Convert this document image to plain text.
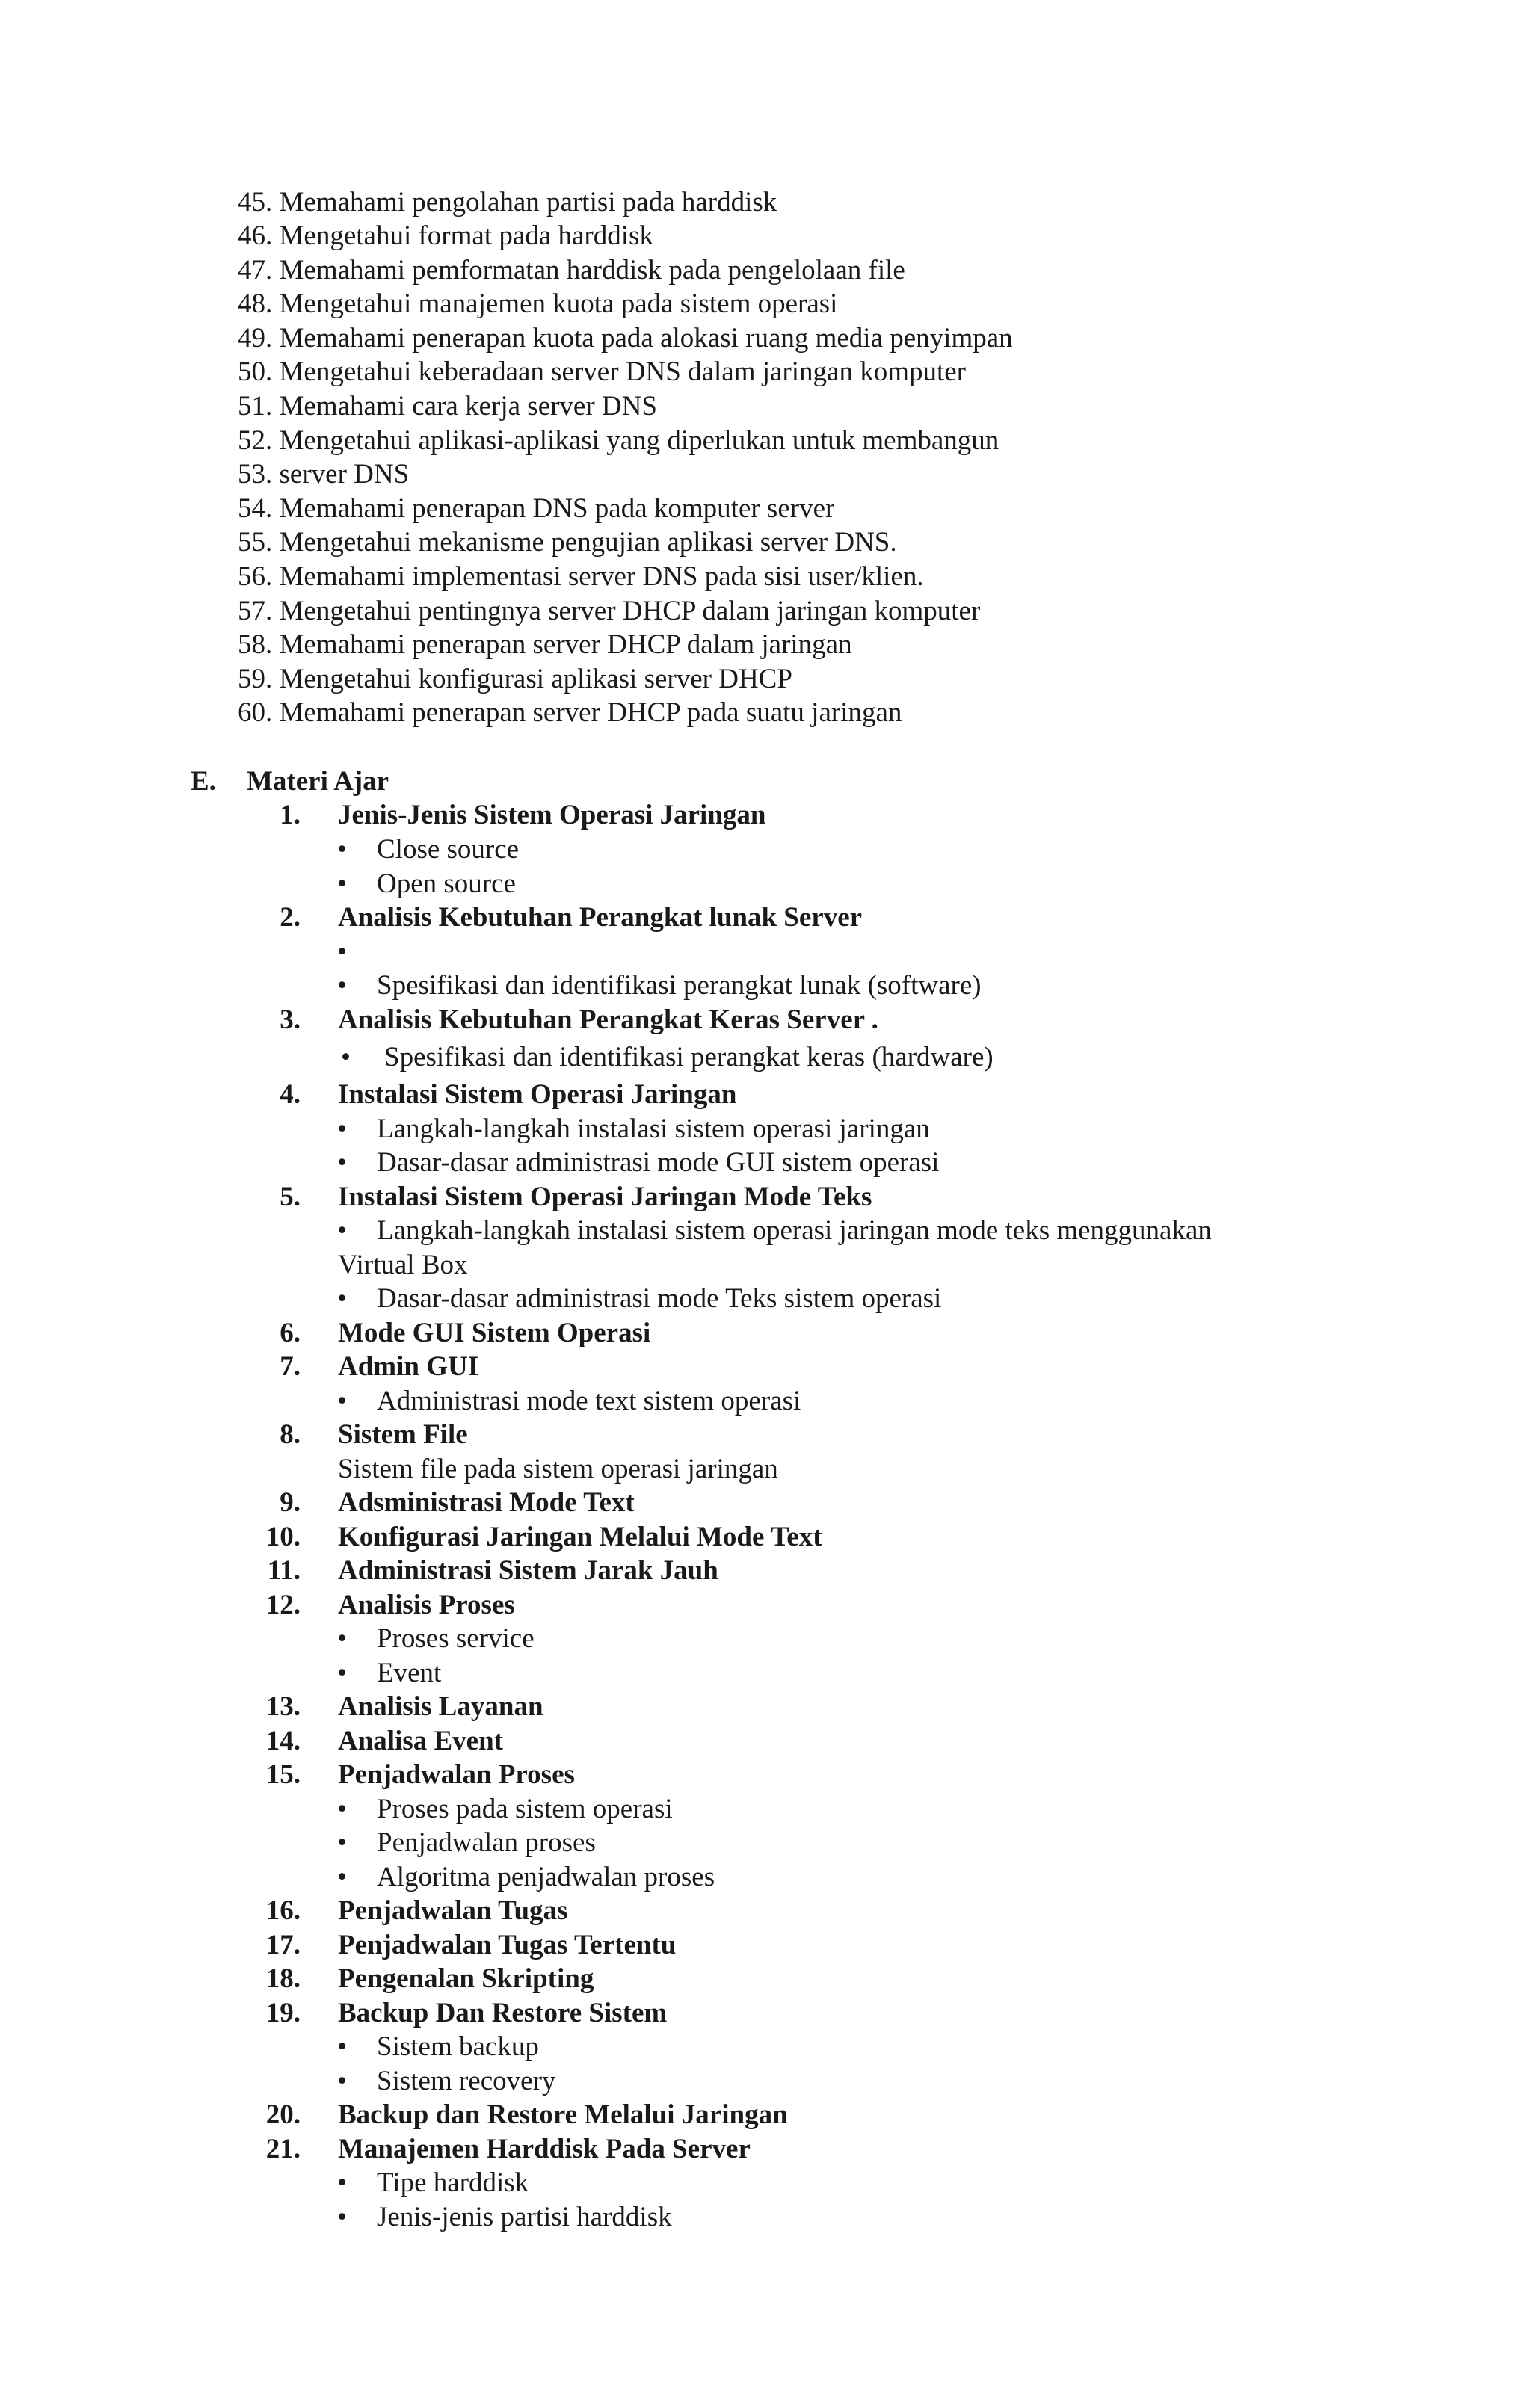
45. Memahami pengolahan partisi pada harddisk
46. Mengetahui format pada harddisk
47. Memahami pemformatan harddisk pada pengelolaan file
48. Mengetahui manajemen kuota pada sistem operasi
49. Memahami penerapan kuota pada alokasi ruang media penyimpan
50. Mengetahui keberadaan server DNS dalam jaringan komputer
51. Memahami cara kerja server DNS
52. Mengetahui aplikasi-aplikasi yang diperlukan untuk membangun
53. server DNS
54. Memahami penerapan DNS pada komputer server
55. Mengetahui mekanisme pengujian aplikasi server DNS.
56. Memahami implementasi server DNS pada sisi user/klien.
57. Mengetahui pentingnya server DHCP dalam jaringan komputer
58. Memahami penerapan server DHCP dalam jaringan
59. Mengetahui konfigurasi aplikasi server DHCP
60. Memahami penerapan server DHCP pada suatu jaringan
E. Materi Ajar
1. Jenis-Jenis Sistem Operasi Jaringan
• Close source
• Open source
2. Analisis Kebutuhan Perangkat lunak Server
•
• Spesifikasi dan identifikasi perangkat lunak (software)
3. Analisis Kebutuhan Perangkat Keras Server .
• Spesifikasi dan identifikasi perangkat keras (hardware)
4. Instalasi Sistem Operasi Jaringan
• Langkah-langkah instalasi sistem operasi jaringan
• Dasar-dasar administrasi mode GUI sistem operasi
5. Instalasi Sistem Operasi Jaringan Mode Teks
• Langkah-langkah instalasi sistem operasi jaringan mode teks menggunakan
Virtual Box
• Dasar-dasar administrasi mode Teks sistem operasi
6. Mode GUI Sistem Operasi
7. Admin GUI
• Administrasi mode text sistem operasi
8. Sistem File
Sistem file pada sistem operasi jaringan
9. Adsministrasi Mode Text
10. Konfigurasi Jaringan Melalui Mode Text
11. Administrasi Sistem Jarak Jauh
12. Analisis Proses
• Proses service
• Event
13. Analisis Layanan
14. Analisa Event
15. Penjadwalan Proses
• Proses pada sistem operasi
• Penjadwalan proses
• Algoritma penjadwalan proses
16. Penjadwalan Tugas
17. Penjadwalan Tugas Tertentu
18. Pengenalan Skripting
19. Backup Dan Restore Sistem
• Sistem backup
• Sistem recovery
20. Backup dan Restore Melalui Jaringan
21. Manajemen Harddisk Pada Server
• Tipe harddisk
• Jenis-jenis partisi harddisk
